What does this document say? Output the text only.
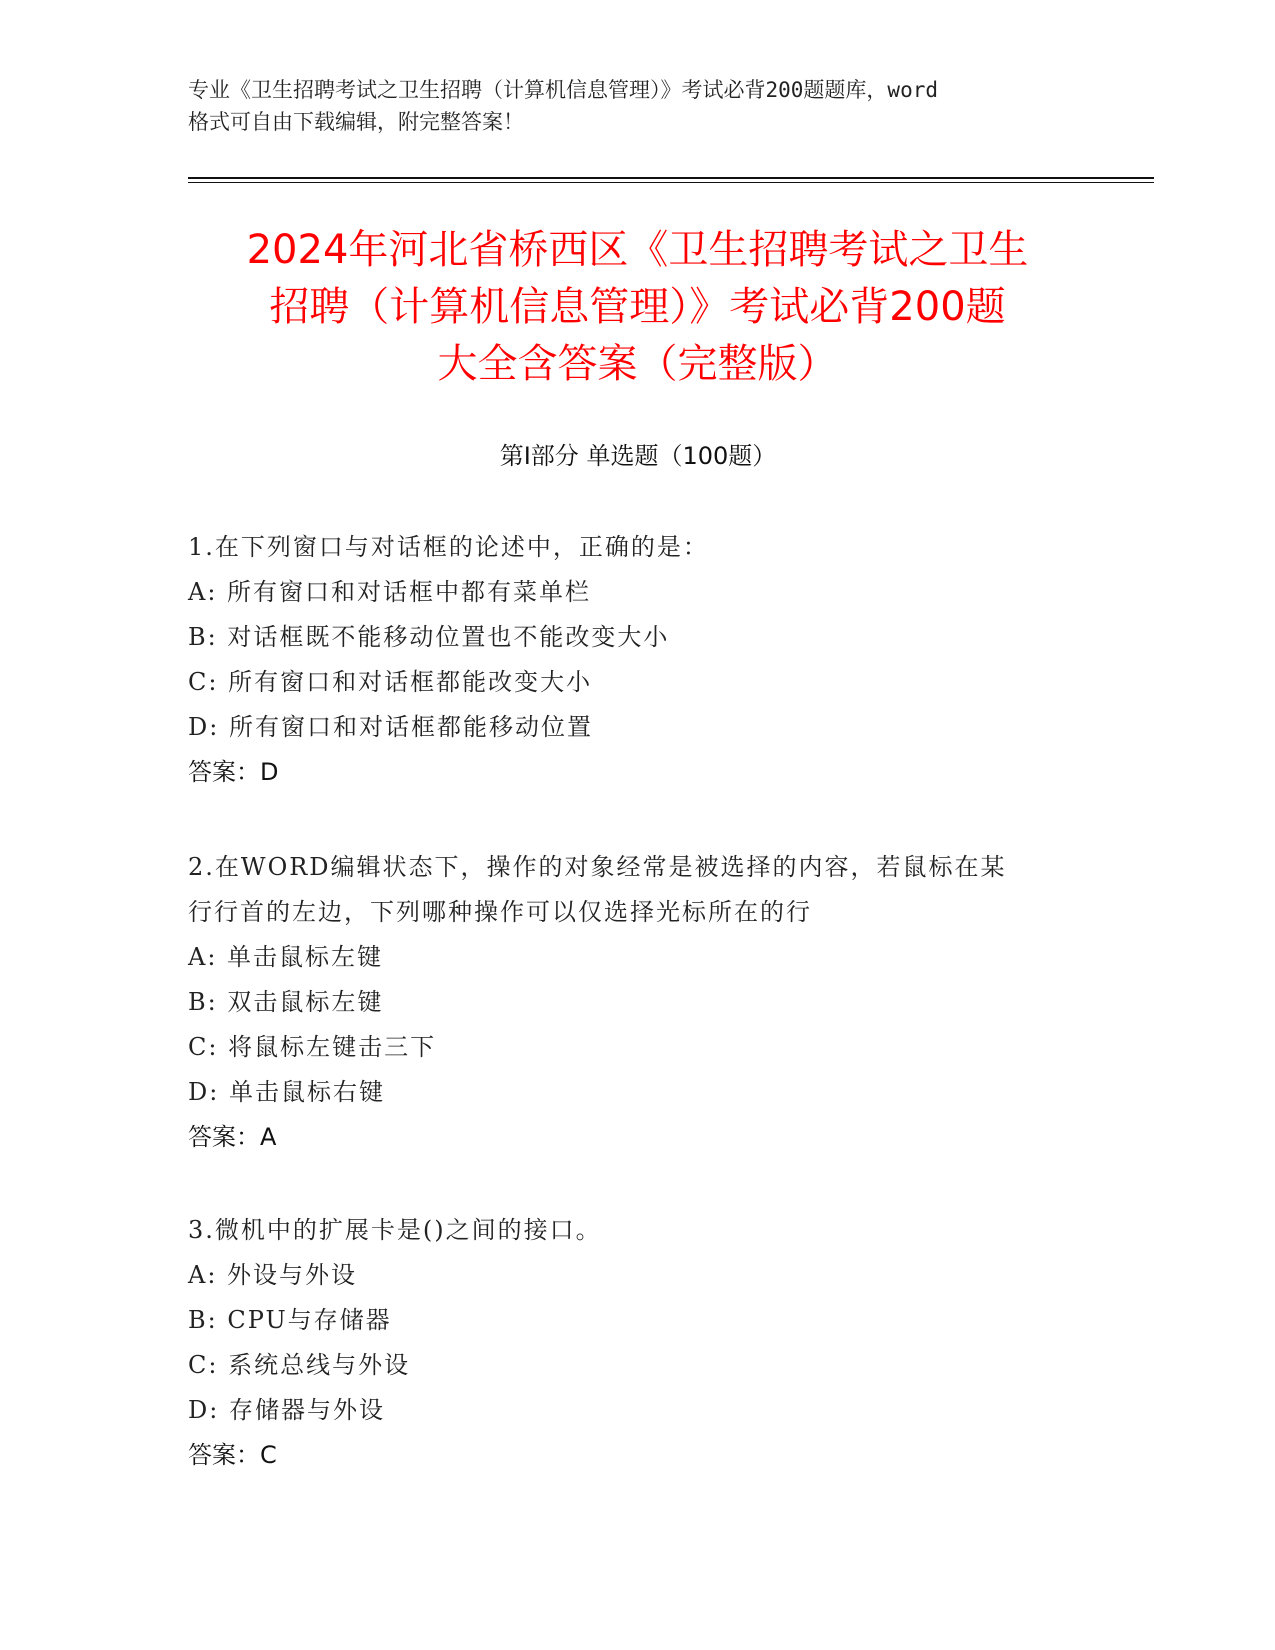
专业《卫生招聘考试之卫生招聘（计算机信息管理）》考试必背200题题库，word
格式可自由下载编辑，附完整答案！
2024年河北省桥西区《卫生招聘考试之卫生
招聘（计算机信息管理）》考试必背200题
大全含答案（完整版）
第Ⅰ部分 单选题（100题）
1.在下列窗口与对话框的论述中，正确的是：
A: 所有窗口和对话框中都有菜单栏
B: 对话框既不能移动位置也不能改变大小
C: 所有窗口和对话框都能改变大小
D: 所有窗口和对话框都能移动位置
答案：D
2.在WORD编辑状态下，操作的对象经常是被选择的内容，若鼠标在某
行行首的左边，下列哪种操作可以仅选择光标所在的行
A: 单击鼠标左键
B: 双击鼠标左键
C: 将鼠标左键击三下
D: 单击鼠标右键
答案：A
3.微机中的扩展卡是()之间的接口。
A: 外设与外设
B: CPU与存储器
C: 系统总线与外设
D: 存储器与外设
答案：C
